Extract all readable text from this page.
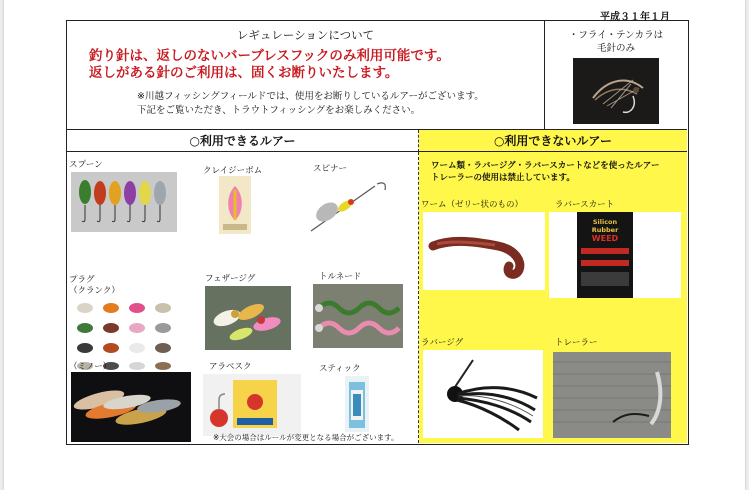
平成３１年１月
レギュレーションについて
釣り針は、返しのないバーブレスフックのみ利用可能です。
返しがある針のご利用は、固くお断りいたします。
※川越フィッシングフィールドでは、使用をお断りしているルアーがございます。
下記をご覧いただき、トラウトフィッシングをお楽しみください。
・フライ・テンカラは
毛針のみ
○利用できるルアー	○利用できないルアー
スプーン
クレイジーボム	スピナー
プラグ
（クランク）
フェザージグ	トルネード
（ミノー）	アラベスク	スティック
※大会の場合はルールが変更となる場合がございます。
ワーム類・ラバージグ・ラバースカートなどを使ったルアー
トレーラーの使用は禁止しています。
ワーム（ゼリー状のもの）	ラバースカート
Silicon Rubber
WEED
ラバージグ	トレーラー
